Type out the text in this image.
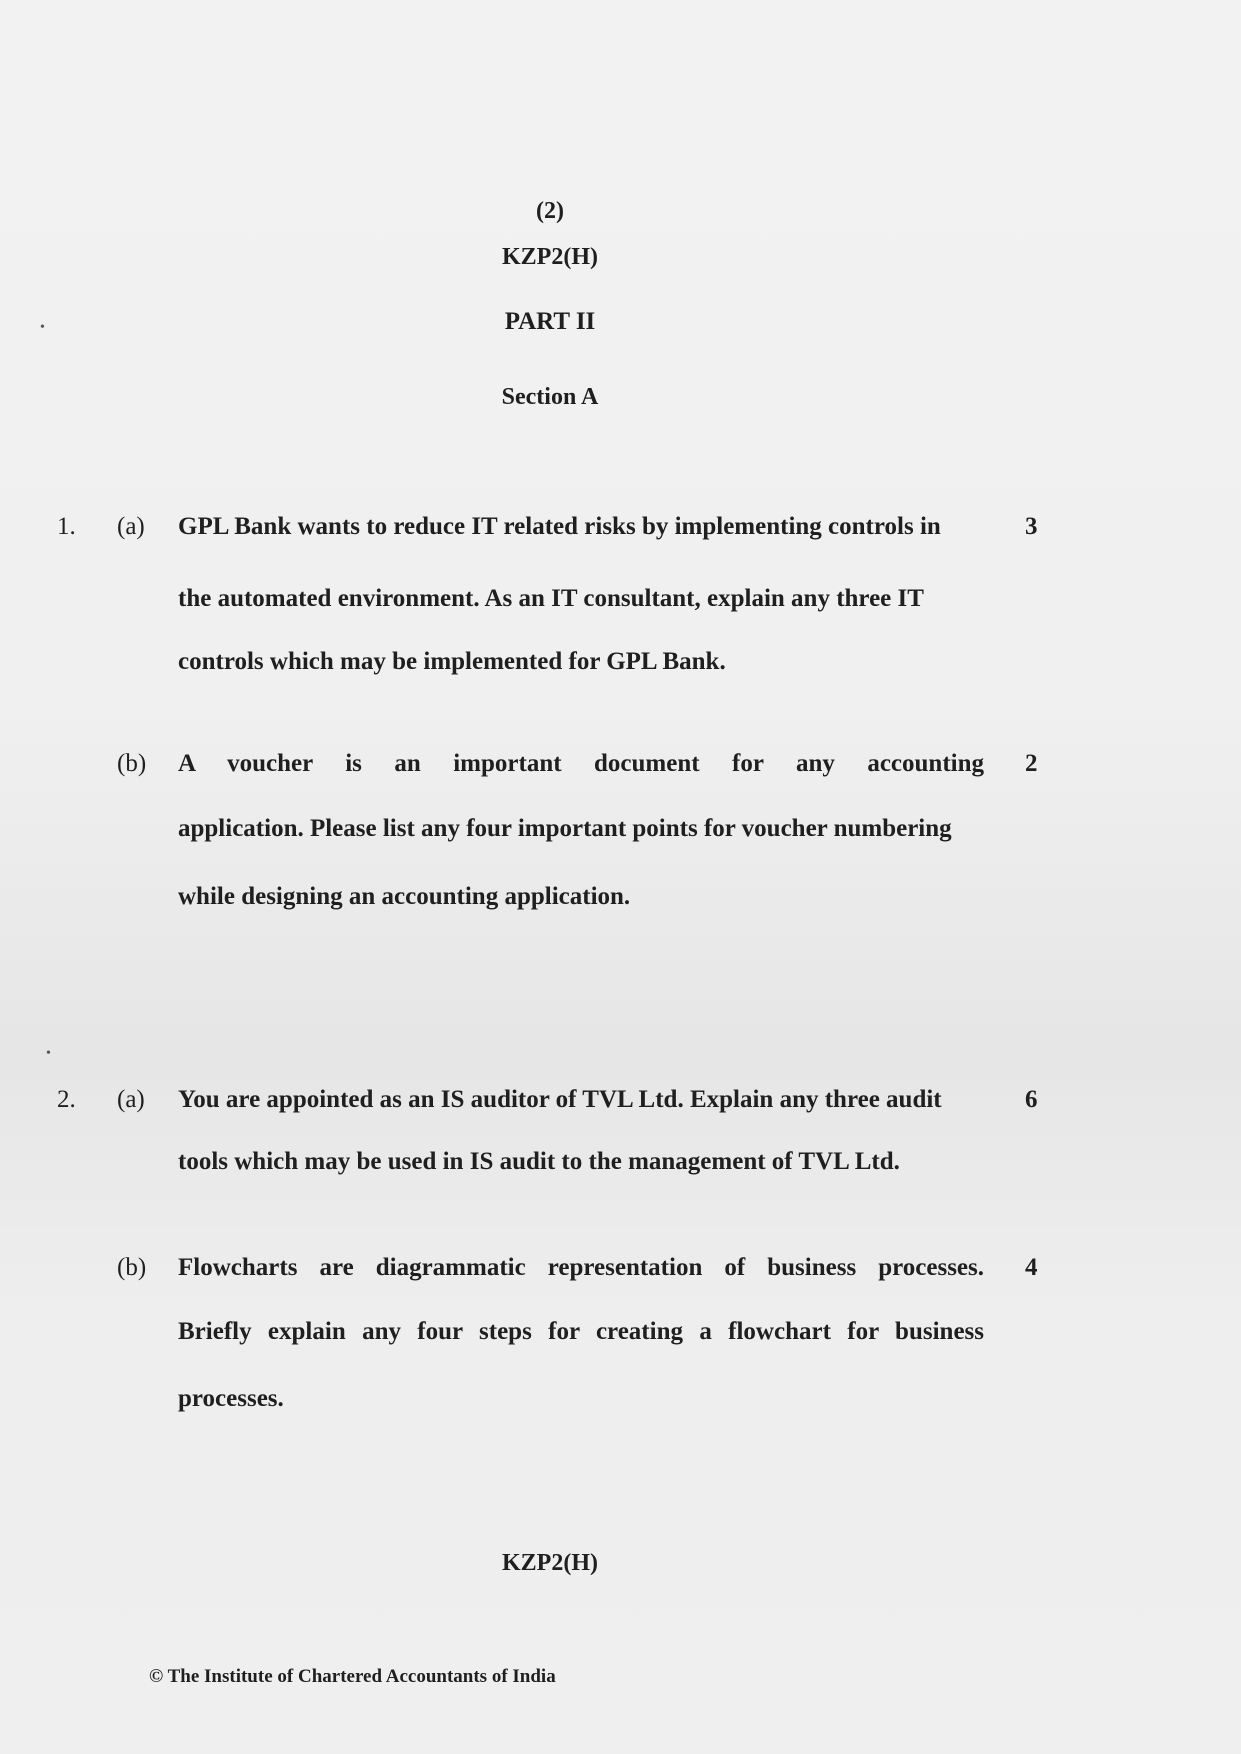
(2)
KZP2(H)
PART II
Section A
1. (a)	3
GPL Bank wants to reduce IT related risks by implementing controls in
the automated environment. As an IT consultant, explain any three IT
controls which may be implemented for GPL Bank.
(b)	2
A voucher is an important document for any accounting
application. Please list any four important points for voucher numbering
while designing an accounting application.
2. (a)	6
You are appointed as an IS auditor of TVL Ltd. Explain any three audit
tools which may be used in IS audit to the management of TVL Ltd.
(b)	4
Flowcharts are diagrammatic representation of business processes.
Briefly explain any four steps for creating a flowchart for business
processes.
KZP2(H)
© The Institute of Chartered Accountants of India
•
•
